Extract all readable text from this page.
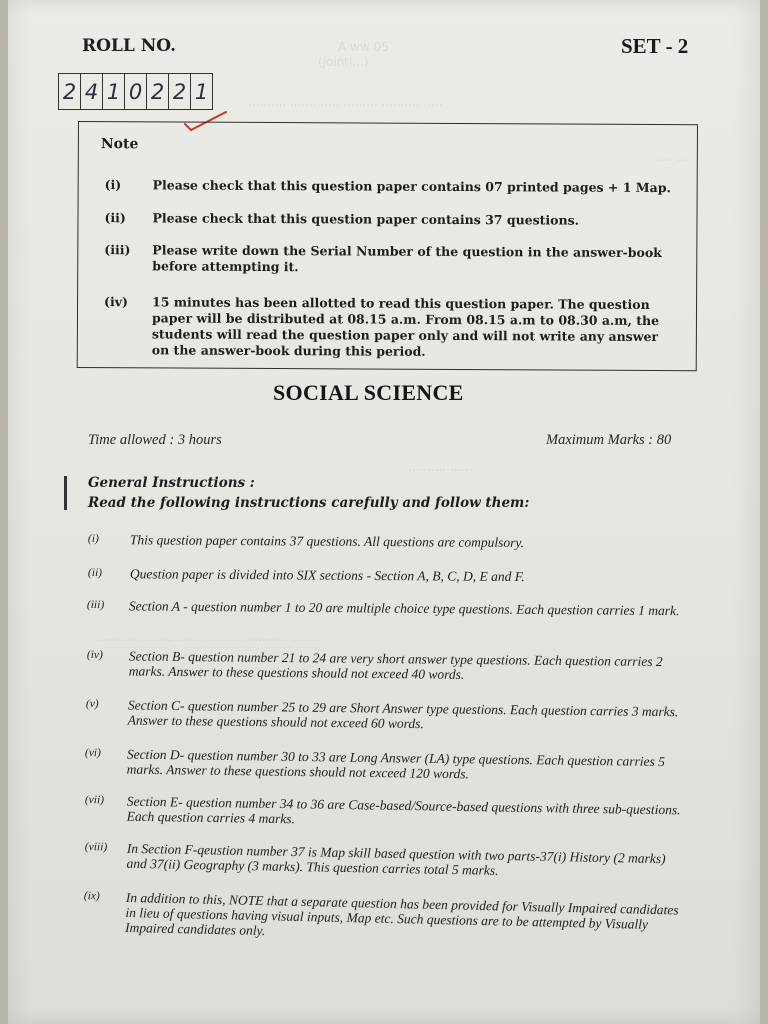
A ww 05
(jointl...)
.......... ............. ......... .......... .....
.... ...
.......... ......
.......... ......... ....... ........ ............ .......
ROLL NO.	SET - 2
2 4 1 0 2 2 1
Note
(i)	Please check that this question paper contains 07 printed pages + 1 Map.
(ii)	Please check that this question paper contains 37 questions.
(iii)	Please write down the Serial Number of the question in the answer-book before attempting it.
(iv)	15 minutes has been allotted to read this question paper. The question paper will be distributed at 08.15 a.m. From 08.15 a.m to 08.30 a.m, the students will read the question paper only and will not write any answer on the answer-book during this period.
SOCIAL SCIENCE
Time allowed : 3 hours	Maximum Marks : 80
General Instructions :
Read the following instructions carefully and follow them:
(i)	This question paper contains 37 questions. All questions are compulsory.
(ii)	Question paper is divided into SIX sections - Section A, B, C, D, E and F.
(iii)	Section A - question number 1 to 20 are multiple choice type questions. Each question carries 1 mark.
(iv)	Section B- question number 21 to 24 are very short answer type questions. Each question carries 2 marks. Answer to these questions should not exceed 40 words.
(v)	Section C- question number 25 to 29 are Short Answer type questions. Each question carries 3 marks. Answer to these questions should not exceed 60 words.
(vi)	Section D- question number 30 to 33 are Long Answer (LA) type questions. Each question carries 5 marks. Answer to these questions should not exceed 120 words.
(vii)	Section E- question number 34 to 36 are Case-based/Source-based questions with three sub-questions. Each question carries 4 marks.
(viii)	In Section F-qeustion number 37 is Map skill based question with two parts-37(i) History (2 marks) and 37(ii) Geography (3 marks). This question carries total 5 marks.
(ix)	In addition to this, NOTE that a separate question has been provided for Visually Impaired candidates in lieu of questions having visual inputs, Map etc. Such questions are to be attempted by Visually Impaired candidates only.
